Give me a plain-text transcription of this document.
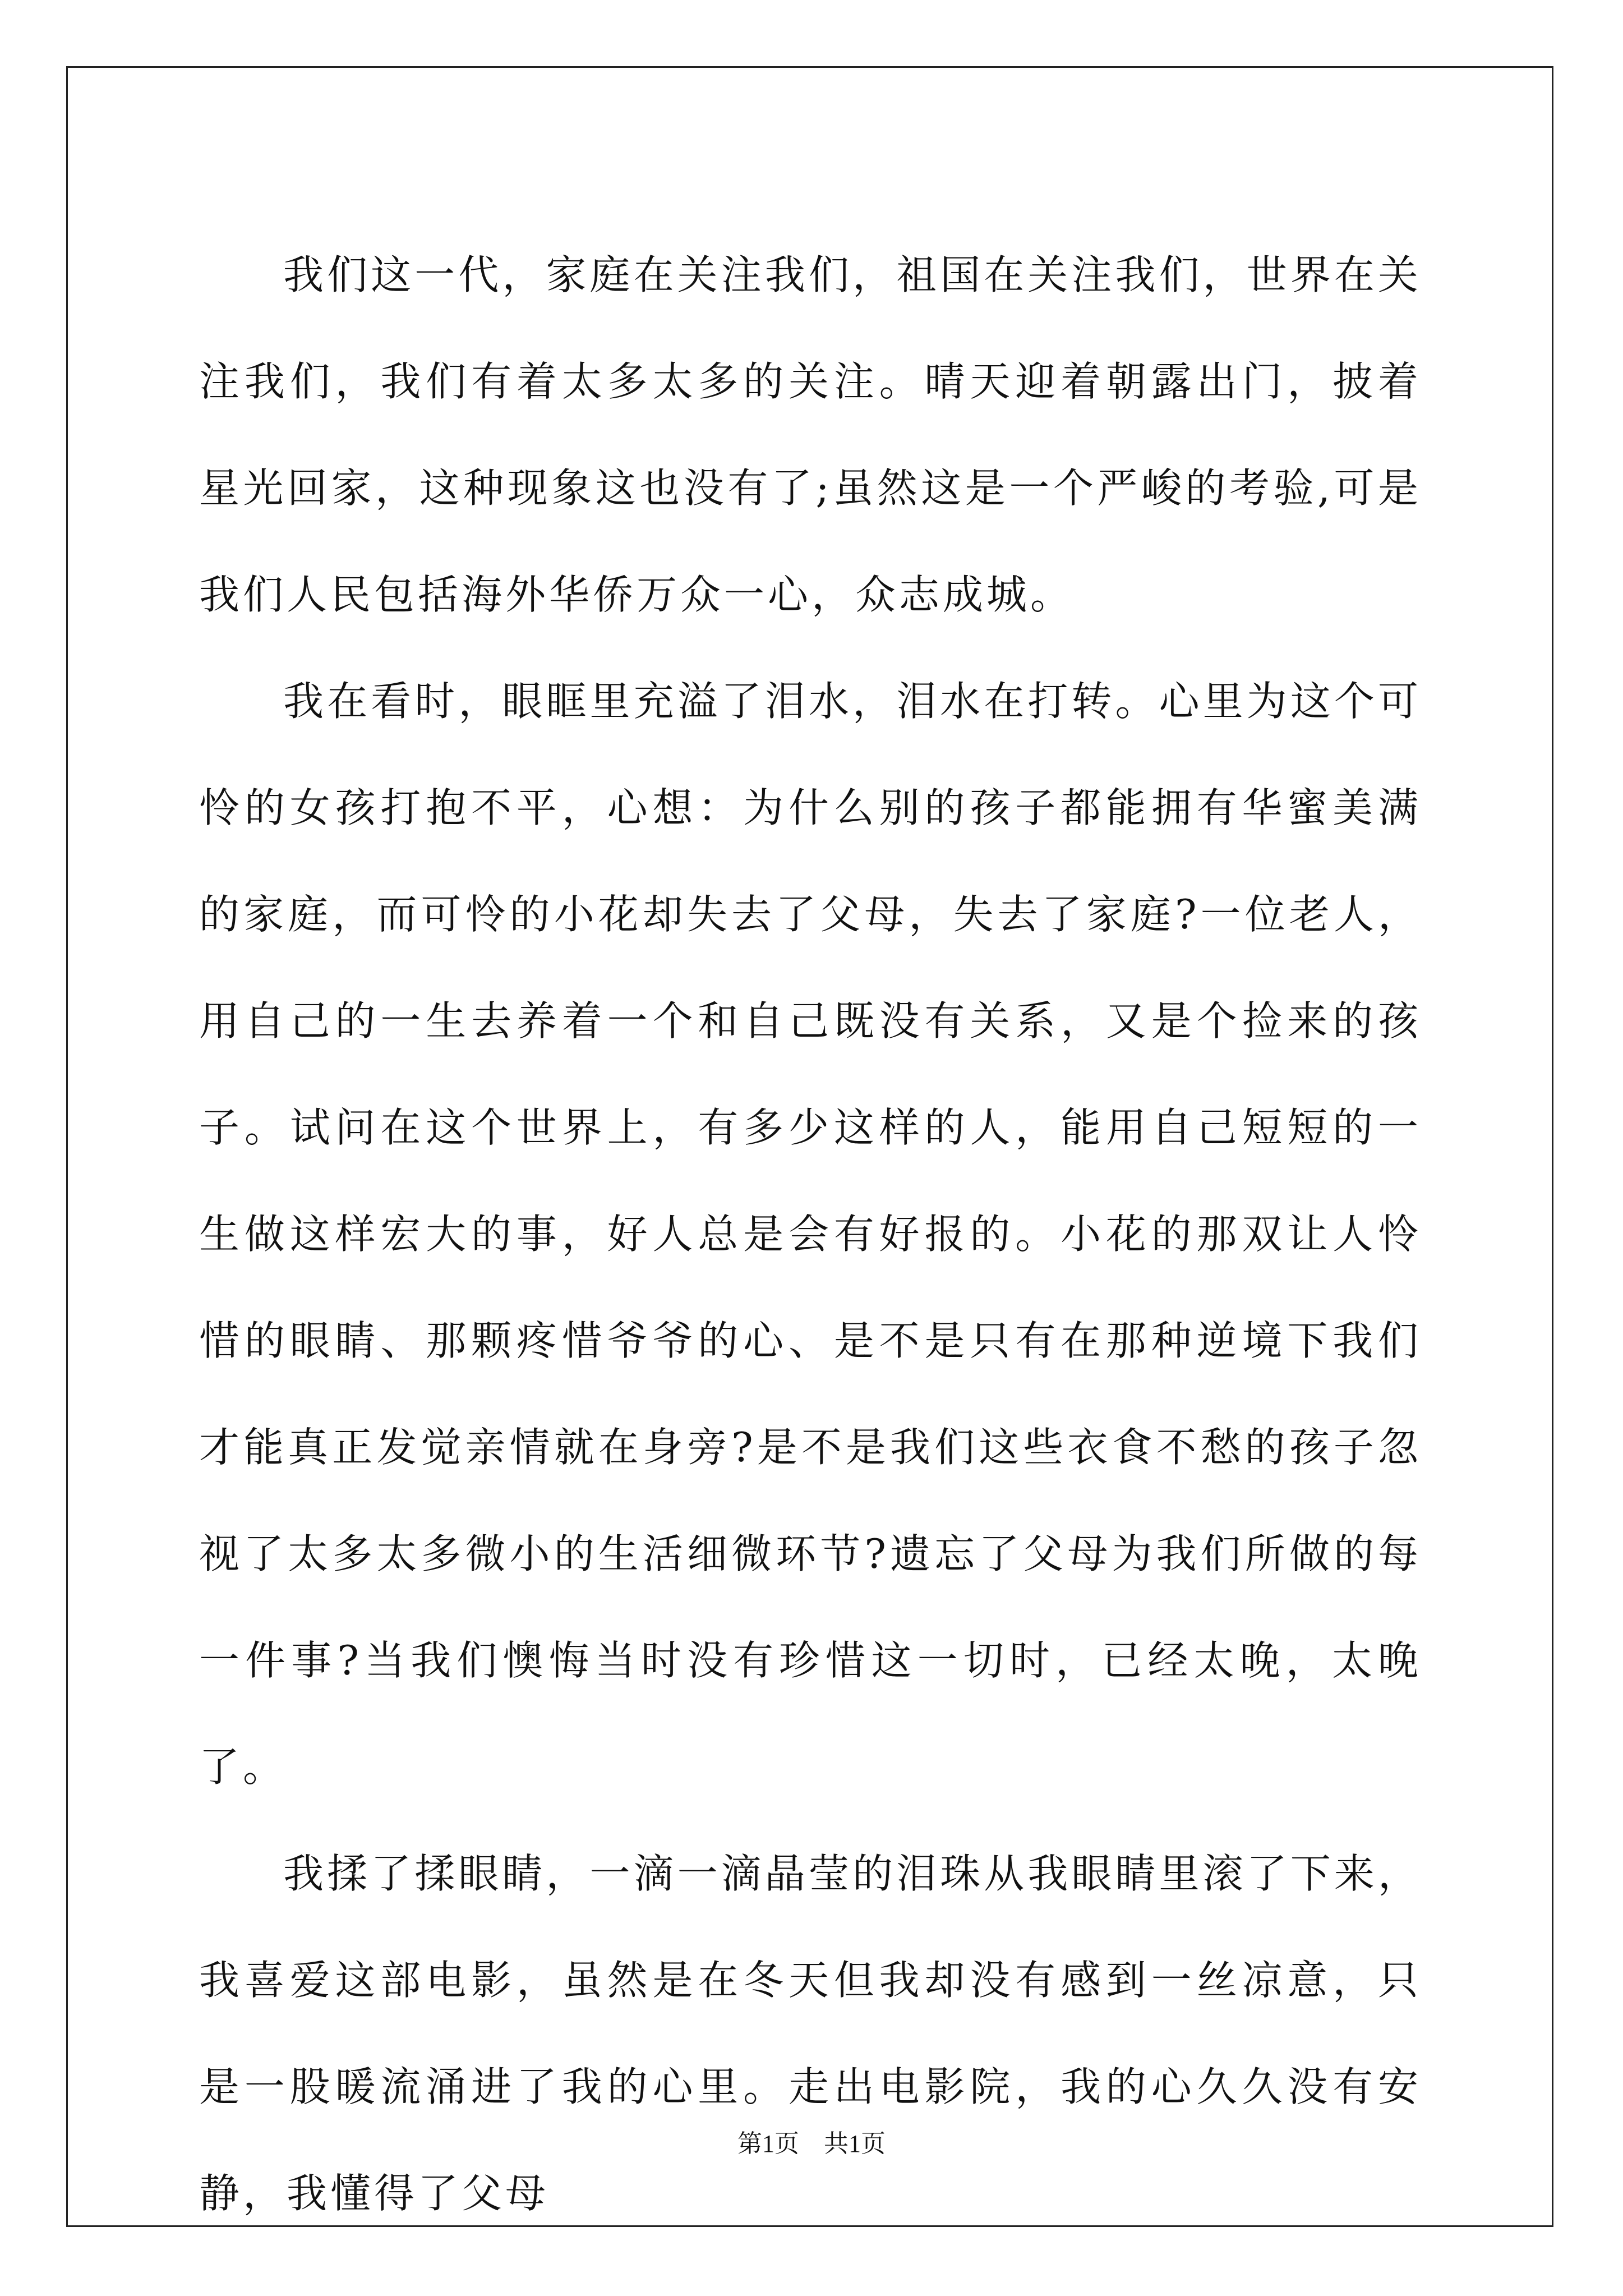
我们这一代，家庭在关注我们，祖国在关注我们，世界在关注我们，我们有着太多太多的关注。晴天迎着朝露出门，披着星光回家，这种现象这也没有了;虽然这是一个严峻的考验,可是我们人民包括海外华侨万众一心，众志成城。

我在看时，眼眶里充溢了泪水，泪水在打转。心里为这个可怜的女孩打抱不平，心想：为什么别的孩子都能拥有华蜜美满的家庭，而可怜的小花却失去了父母，失去了家庭?一位老人，用自己的一生去养着一个和自己既没有关系，又是个捡来的孩子。试问在这个世界上，有多少这样的人，能用自己短短的一生做这样宏大的事，好人总是会有好报的。小花的那双让人怜惜的眼睛、那颗疼惜爷爷的心、是不是只有在那种逆境下我们才能真正发觉亲情就在身旁?是不是我们这些衣食不愁的孩子忽视了太多太多微小的生活细微环节?遗忘了父母为我们所做的每一件事?当我们懊悔当时没有珍惜这一切时，已经太晚，太晚了。

我揉了揉眼睛，一滴一滴晶莹的泪珠从我眼睛里滚了下来，我喜爱这部电影，虽然是在冬天但我却没有感到一丝凉意，只是一股暖流涌进了我的心里。走出电影院，我的心久久没有安静，我懂得了父母

第1页　共1页
